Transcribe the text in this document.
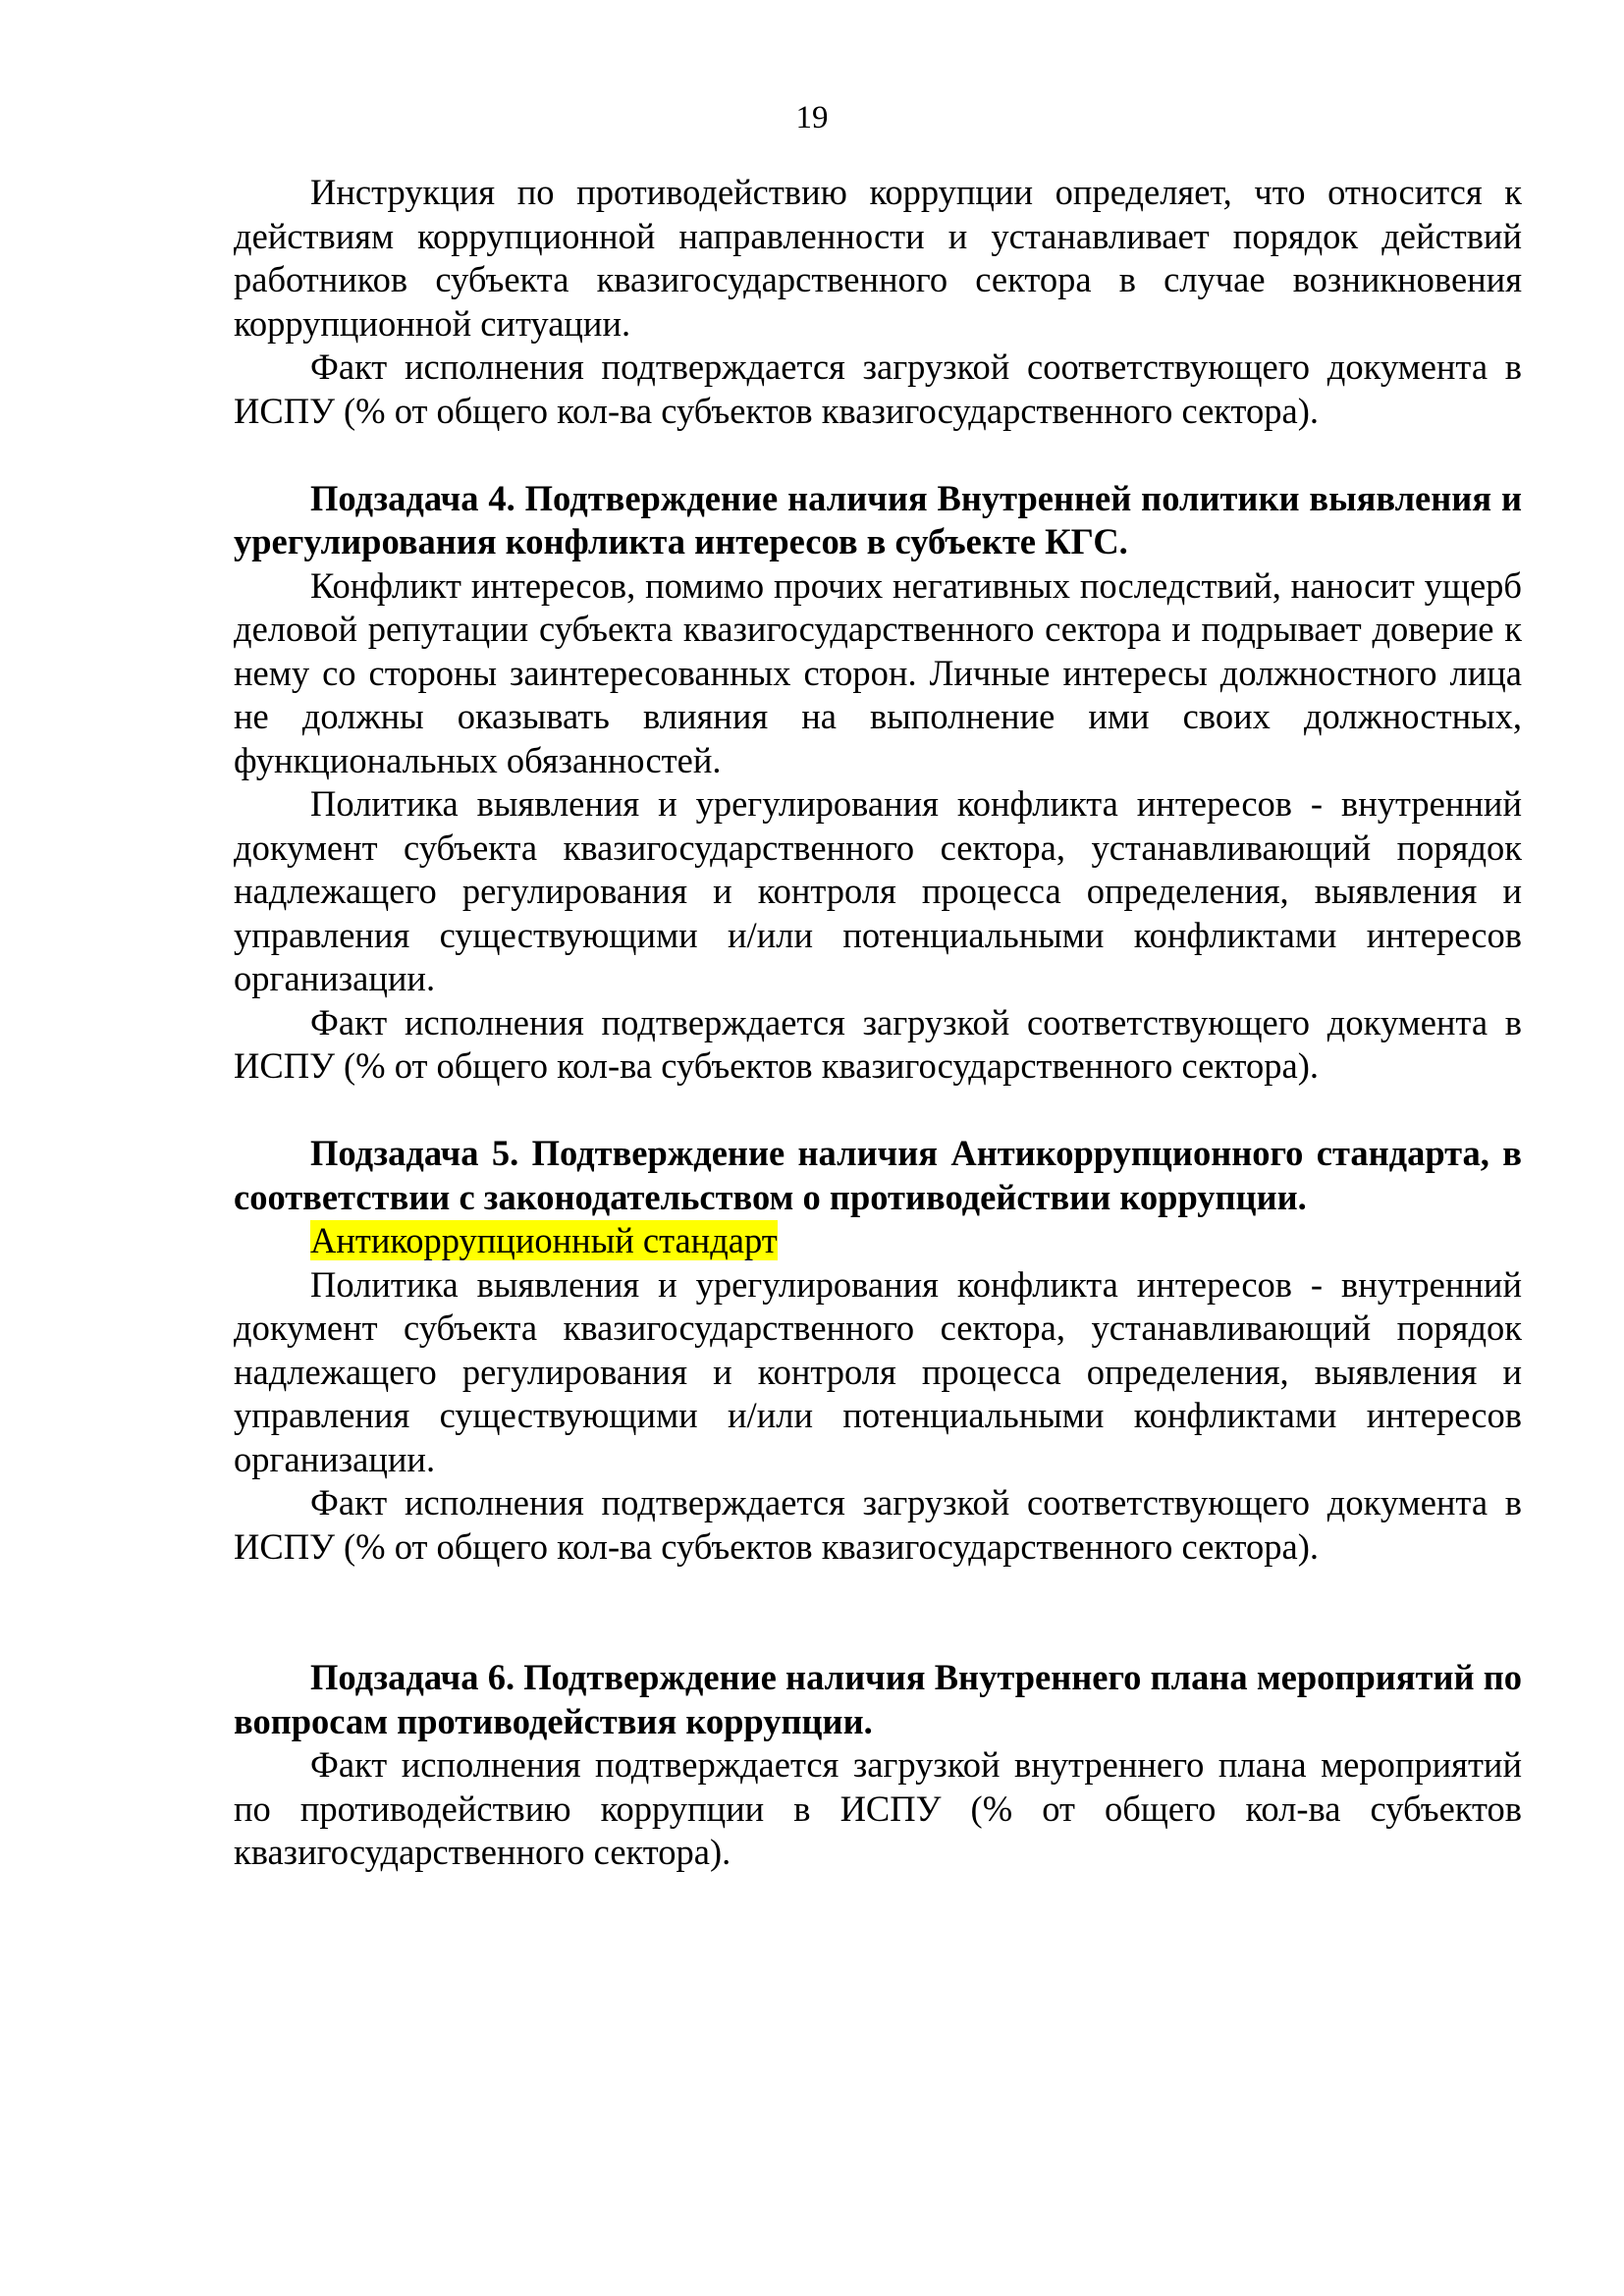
19

Инструкция по противодействию коррупции определяет, что относится к действиям коррупционной направленности и устанавливает порядок действий работников субъекта квазигосударственного сектора в случае возникновения коррупционной ситуации.

Факт исполнения подтверждается загрузкой соответствующего документа в ИСПУ (% от общего кол-ва субъектов квазигосударственного сектора).

Подзадача 4. Подтверждение наличия Внутренней политики выявления и урегулирования конфликта интересов в субъекте КГС.

Конфликт интересов, помимо прочих негативных последствий, наносит ущерб деловой репутации субъекта квазигосударственного сектора и подрывает доверие к нему со стороны заинтересованных сторон. Личные интересы должностного лица не должны оказывать влияния на выполнение ими своих должностных, функциональных обязанностей.

Политика выявления и урегулирования конфликта интересов - внутренний документ субъекта квазигосударственного сектора, устанавливающий порядок надлежащего регулирования и контроля процесса определения, выявления и управления существующими и/или потенциальными конфликтами интересов организации.

Факт исполнения подтверждается загрузкой соответствующего документа в ИСПУ (% от общего кол-ва субъектов квазигосударственного сектора).

Подзадача 5. Подтверждение наличия Антикоррупционного стандарта, в соответствии с законодательством о противодействии коррупции.

Антикоррупционный стандарт

Политика выявления и урегулирования конфликта интересов - внутренний документ субъекта квазигосударственного сектора, устанавливающий порядок надлежащего регулирования и контроля процесса определения, выявления и управления существующими и/или потенциальными конфликтами интересов организации.

Факт исполнения подтверждается загрузкой соответствующего документа в ИСПУ (% от общего кол-ва субъектов квазигосударственного сектора).

Подзадача 6. Подтверждение наличия Внутреннего плана мероприятий по вопросам противодействия коррупции.

Факт исполнения подтверждается загрузкой внутреннего плана мероприятий по противодействию коррупции в ИСПУ (% от общего кол-ва субъектов квазигосударственного сектора).
